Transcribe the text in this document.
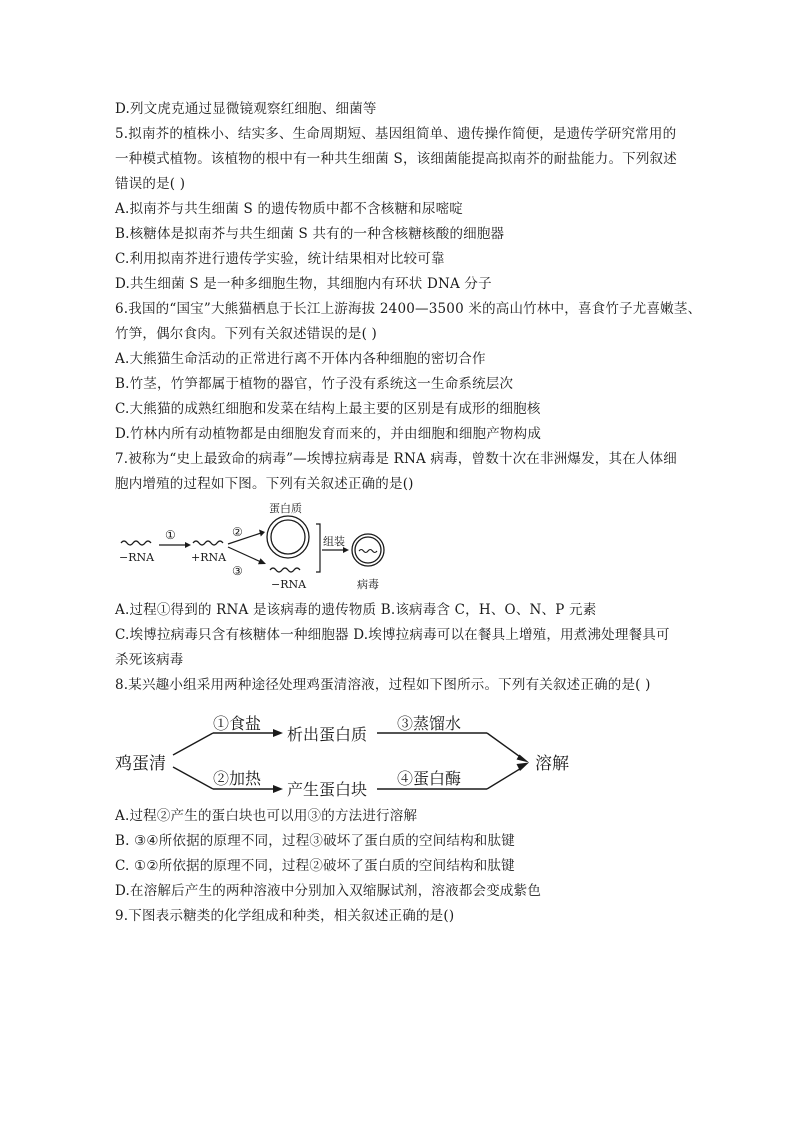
D.列文虎克通过显微镜观察红细胞、细菌等
5.拟南芥的植株小、结实多、生命周期短、基因组简单、遗传操作简便，是遗传学研究常用的
一种模式植物。该植物的根中有一种共生细菌 S，该细菌能提高拟南芥的耐盐能力。下列叙述
错误的是( )
A.拟南芥与共生细菌 S 的遗传物质中都不含核糖和尿嘧啶
B.核糖体是拟南芥与共生细菌 S 共有的一种含核糖核酸的细胞器
C.利用拟南芥进行遗传学实验，统计结果相对比较可靠
D.共生细菌 S 是一种多细胞生物，其细胞内有环状 DNA 分子
6.我国的“国宝”大熊猫栖息于长江上游海拔 2400—3500 米的高山竹林中，喜食竹子尤喜嫩茎、
竹笋，偶尔食肉。下列有关叙述错误的是( )
A.大熊猫生命活动的正常进行离不开体内各种细胞的密切合作
B.竹茎，竹笋都属于植物的器官，竹子没有系统这一生命系统层次
C.大熊猫的成熟红细胞和发菜在结构上最主要的区别是有成形的细胞核
D.竹林内所有动植物都是由细胞发育而来的，并由细胞和细胞产物构成
7.被称为“史上最致命的病毒”—埃博拉病毒是 RNA 病毒，曾数十次在非洲爆发，其在人体细
胞内增殖的过程如下图。下列有关叙述正确的是()
−RNA
①
+RNA
②
③
蛋白质
−RNA
组装
病毒
A.过程①得到的 RNA 是该病毒的遗传物质 B.该病毒含 C，H、O、N、P 元素
C.埃博拉病毒只含有核糖体一种细胞器 D.埃博拉病毒可以在餐具上增殖，用煮沸处理餐具可
杀死该病毒
8.某兴趣小组采用两种途径处理鸡蛋清溶液，过程如下图所示。下列有关叙述正确的是( )
鸡蛋清
①食盐
析出蛋白质
③蒸馏水
②加热
产生蛋白块
④蛋白酶
溶解
A.过程②产生的蛋白块也可以用③的方法进行溶解
B. ③④所依据的原理不同，过程③破坏了蛋白质的空间结构和肽键
C. ①②所依据的原理不同，过程②破坏了蛋白质的空间结构和肽键
D.在溶解后产生的两种溶液中分别加入双缩脲试剂，溶液都会变成紫色
9.下图表示糖类的化学组成和种类，相关叙述正确的是()
